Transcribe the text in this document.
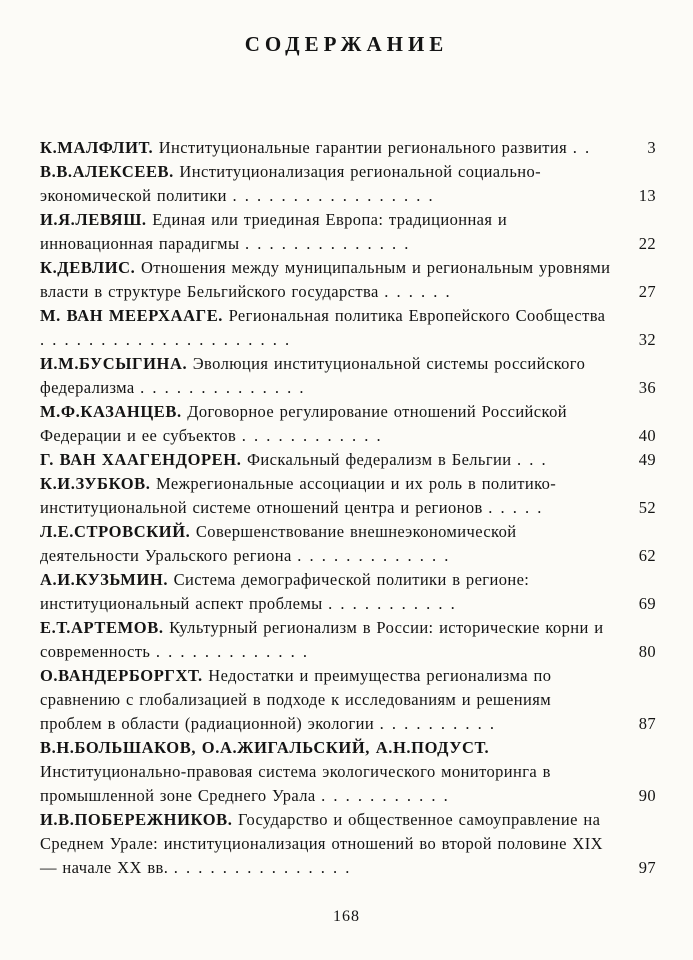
СОДЕРЖАНИЕ
К.МАЛФЛИТ. Институциональные гарантии регионального развития . .	3
В.В.АЛЕКСЕЕВ. Институционализация региональной социально-экономической политики . . . . . . . . . . . . . . . . .	13
И.Я.ЛЕВЯШ. Единая или триединая Европа: традиционная и инновационная парадигмы . . . . . . . . . . . . . .	22
К.ДЕВЛИС. Отношения между муниципальным и региональным уровнями власти в структуре Бельгийского государства . . . . . .	27
М. ВАН МЕЕРХААГЕ. Региональная политика Европейского Сообщества . . . . . . . . . . . . . . . . . . . . .	32
И.М.БУСЫГИНА. Эволюция институциональной системы российского федерализма . . . . . . . . . . . . . .	36
М.Ф.КАЗАНЦЕВ. Договорное регулирование отношений Российской Федерации и ее субъектов . . . . . . . . . . . .	40
Г. ВАН ХААГЕНДОРЕН. Фискальный федерализм в Бельгии . . .	49
К.И.ЗУБКОВ. Межрегиональные ассоциации и их роль в политико-институциональной системе отношений центра и регионов . . . . .	52
Л.Е.СТРОВСКИЙ. Совершенствование внешнеэкономической деятельности Уральского региона . . . . . . . . . . . . .	62
А.И.КУЗЬМИН. Система демографической политики в регионе: институциональный аспект проблемы . . . . . . . . . . .	69
Е.Т.АРТЕМОВ. Культурный регионализм в России: исторические корни и современность . . . . . . . . . . . . .	80
О.ВАНДЕРБОРГХТ. Недостатки и преимущества регионализма по сравнению с глобализацией в подходе к исследованиям и решениям проблем в области (радиационной) экологии . . . . . . . . . .	87
В.Н.БОЛЬШАКОВ, О.А.ЖИГАЛЬСКИЙ, А.Н.ПОДУСТ.
Институционально-правовая система экологического мониторинга в промышленной зоне Среднего Урала . . . . . . . . . . .	90
И.В.ПОБЕРЕЖНИКОВ. Государство и общественное самоуправление на Среднем Урале: институционализация отношений во второй половине XIX — начале XX вв. . . . . . . . . . . . . . . .	97
168
